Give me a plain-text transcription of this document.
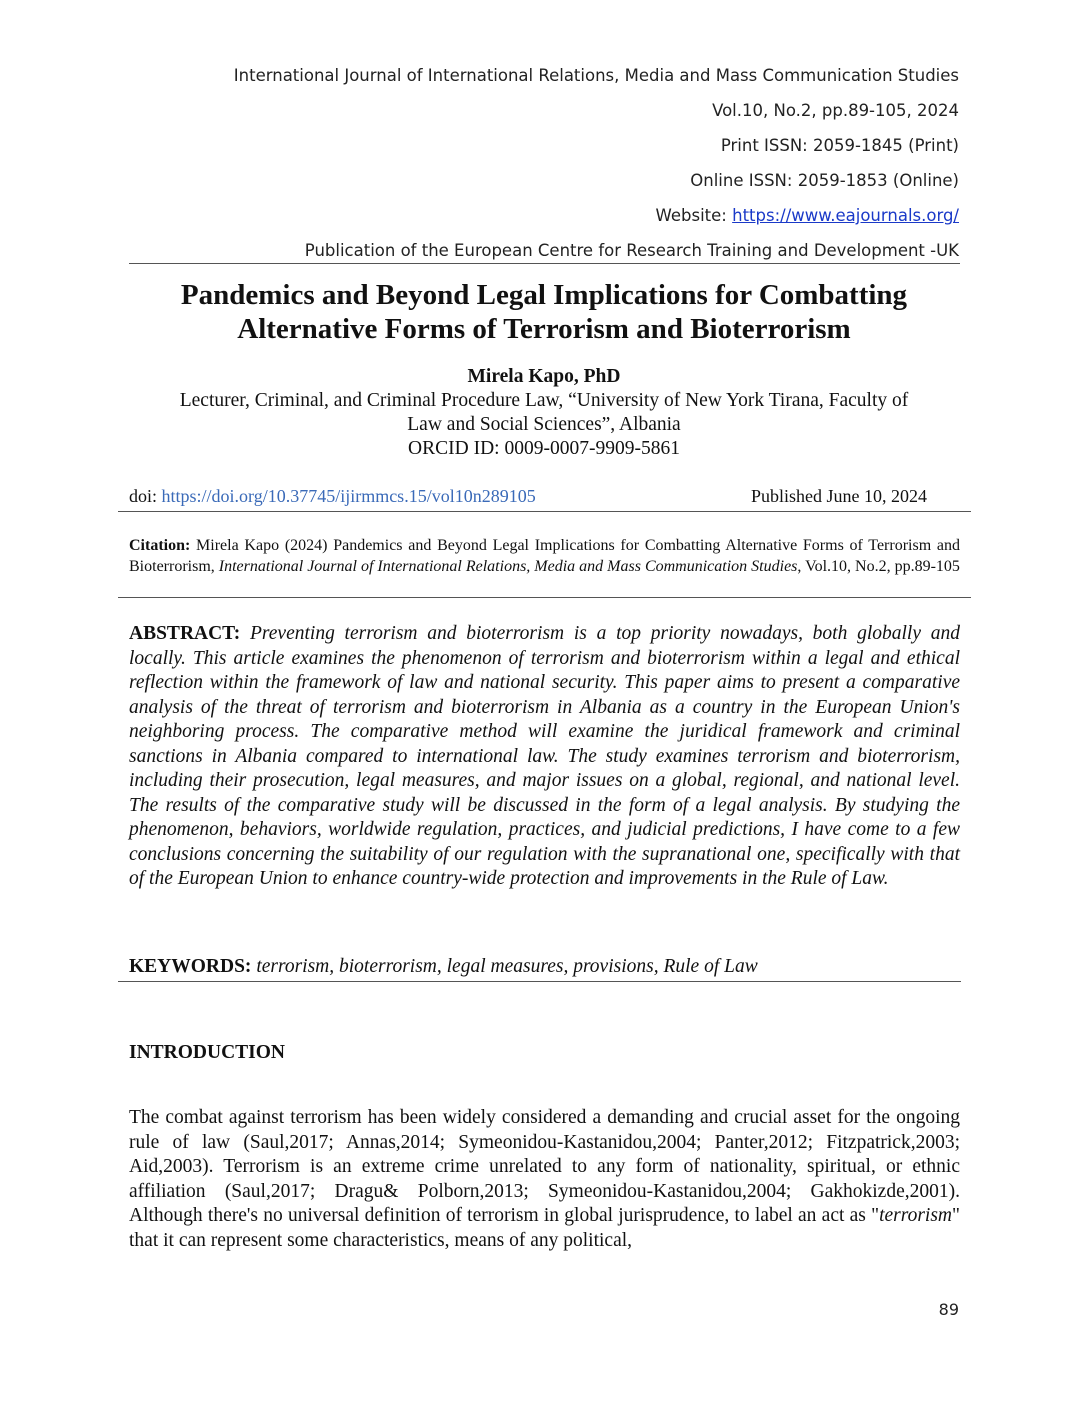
International Journal of International Relations, Media and Mass Communication Studies
Vol.10, No.2, pp.89-105, 2024
Print ISSN: 2059-1845 (Print)
Online ISSN: 2059-1853 (Online)
Website: https://www.eajournals.org/
Publication of the European Centre for Research Training and Development -UK
Pandemics and Beyond Legal Implications for Combatting
Alternative Forms of Terrorism and Bioterrorism
Mirela Kapo, PhD
Lecturer, Criminal, and Criminal Procedure Law, “University of New York Tirana, Faculty of
Law and Social Sciences”, Albania
ORCID ID: 0009-0007-9909-5861
doi: https://doi.org/10.37745/ijirmmcs.15/vol10n289105	Published June 10, 2024
Citation: Mirela Kapo (2024) Pandemics and Beyond Legal Implications for Combatting Alternative Forms of Terrorism and Bioterrorism, International Journal of International Relations, Media and Mass Communication Studies, Vol.10, No.2, pp.89-105
ABSTRACT: Preventing terrorism and bioterrorism is a top priority nowadays, both globally and locally. This article examines the phenomenon of terrorism and bioterrorism within a legal and ethical reflection within the framework of law and national security. This paper aims to present a comparative analysis of the threat of terrorism and bioterrorism in Albania as a country in the European Union's neighboring process. The comparative method will examine the juridical framework and criminal sanctions in Albania compared to international law. The study examines terrorism and bioterrorism, including their prosecution, legal measures, and major issues on a global, regional, and national level. The results of the comparative study will be discussed in the form of a legal analysis. By studying the phenomenon, behaviors, worldwide regulation, practices, and judicial predictions, I have come to a few conclusions concerning the suitability of our regulation with the supranational one, specifically with that of the European Union to enhance country-wide protection and improvements in the Rule of Law.
KEYWORDS: terrorism, bioterrorism, legal measures, provisions, Rule of Law
INTRODUCTION
The combat against terrorism has been widely considered a demanding and crucial asset for the ongoing rule of law (Saul,2017; Annas,2014; Symeonidou-Kastanidou,2004; Panter,2012; Fitzpatrick,2003; Aid,2003). Terrorism is an extreme crime unrelated to any form of nationality, spiritual, or ethnic affiliation (Saul,2017; Dragu& Polborn,2013; Symeonidou-Kastanidou,2004; Gakhokizde,2001). Although there's no universal definition of terrorism in global jurisprudence, to label an act as "terrorism" that it can represent some characteristics, means of any political,
89
